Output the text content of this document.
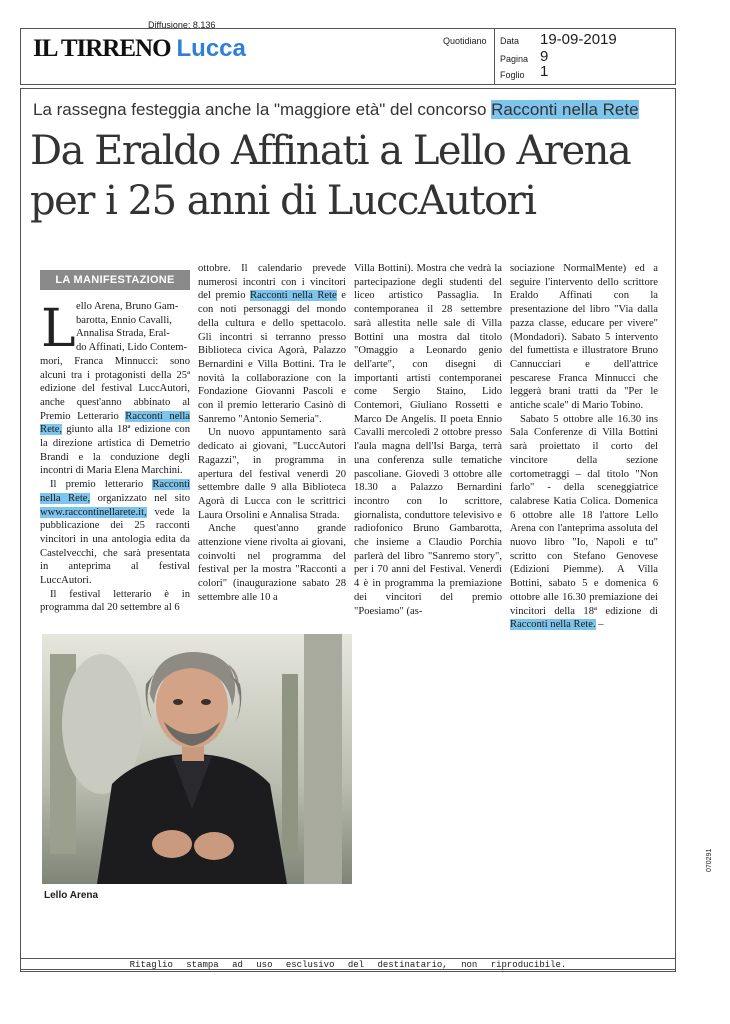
Diffusione: 8.136
IL TIRRENO Lucca	Quotidiano Data 19-09-2019
Pagina 9
Foglio 1
La rassegna festeggia anche la "maggiore età" del concorso Racconti nella Rete
Da Eraldo Affinati a Lello Arena
per i 25 anni di LuccAutori
ello Arena, Bruno Gam-
barotta, Ennio Cavalli,
Annalisa Strada, Eral-
do Affinati, Lido Contem-

mori, Franca Minnucci: sono alcuni tra i protagonisti della 25ª edizione del festival LuccAutori, anche quest'anno abbinato al Premio Letterario Racconti nella Rete, giunto alla 18ª edizione con la direzione artistica di Demetrio Brandi e la conduzione degli incontri di Maria Elena Marchini.

Il premio letterario Racconti nella Rete, organizzato nel sito www.raccontinellarete.it, vede la pubblicazione dei 25 racconti vincitori in una antologia edita da Castelvecchi, che sarà presentata in anteprima al festival LuccAutori.

Il festival letterario è in programma dal 20 settembre al 6

LA MANIFESTAZIONE
L

ottobre. Il calendario prevede numerosi incontri con i vincitori del premio Racconti nella Rete e con noti personaggi del mondo della cultura e dello spettacolo. Gli incontri si terranno presso Biblioteca civica Agorà, Palazzo Bernardini e Villa Bottini. Tra le novità la collaborazione con la Fondazione Giovanni Pascoli e con il premio letterario Casinò di Sanremo "Antonio Semeria".

Un nuovo appuntamento sarà dedicato ai giovani, "LuccAutori Ragazzi", in programma in apertura del festival venerdì 20 settembre dalle 9 alla Biblioteca Agorà di Lucca con le scrittrici Laura Orsolini e Annalisa Strada.

Anche quest'anno grande attenzione viene rivolta ai giovani, coinvolti nel programma del festival per la mostra "Racconti a colori" (inaugurazione sabato 28 settembre alle 10 a

Villa Bottini). Mostra che vedrà la partecipazione degli studenti del liceo artistico Passaglia. In contemporanea il 28 settembre sarà allestita nelle sale di Villa Bottini una mostra dal titolo "Omaggio a Leonardo genio dell'arte", con disegni di importanti artisti contemporanei come Sergio Staino, Lido Contemori, Giuliano Rossetti e Marco De Angelis. Il poeta Ennio Cavalli mercoledì 2 ottobre presso l'aula magna dell'Isi Barga, terrà una conferenza sulle tematiche pascoliane. Giovedì 3 ottobre alle 18.30 a Palazzo Bernardini incontro con lo scrittore, giornalista, conduttore televisivo e radiofonico Bruno Gambarotta, che insieme a Claudio Porchia parlerà del libro "Sanremo story", per i 70 anni del Festival. Venerdì 4 è in programma la premiazione dei vincitori del premio "Poesiamo" (as-

sociazione NormalMente) ed a seguire l'intervento dello scrittore Eraldo Affinati con la presentazione del libro "Via dalla pazza classe, educare per vivere" (Mondadori). Sabato 5 intervento del fumettista e illustratore Bruno Cannucciari e dell'attrice pescarese Franca Minnucci che leggerà brani tratti da "Per le antiche scale" di Mario Tobino.

Sabato 5 ottobre alle 16.30 ins Sala Conferenze di Villa Bottini sarà proiettato il corto del vincitore della sezione cortometraggi – dal titolo "Non farlo" - della sceneggiatrice calabrese Katia Colica. Domenica 6 ottobre alle 18 l'attore Lello Arena con l'anteprima assoluta del nuovo libro "Io, Napoli e tu" scritto con Stefano Genovese (Edizioni Piemme). A Villa Bottini, sabato 5 e domenica 6 ottobre alle 16.30 premiazione dei vincitori della 18ª edizione di Racconti nella Rete. –

Lello Arena
070291
Ritaglio stampa ad uso esclusivo del destinatario, non riproducibile.
